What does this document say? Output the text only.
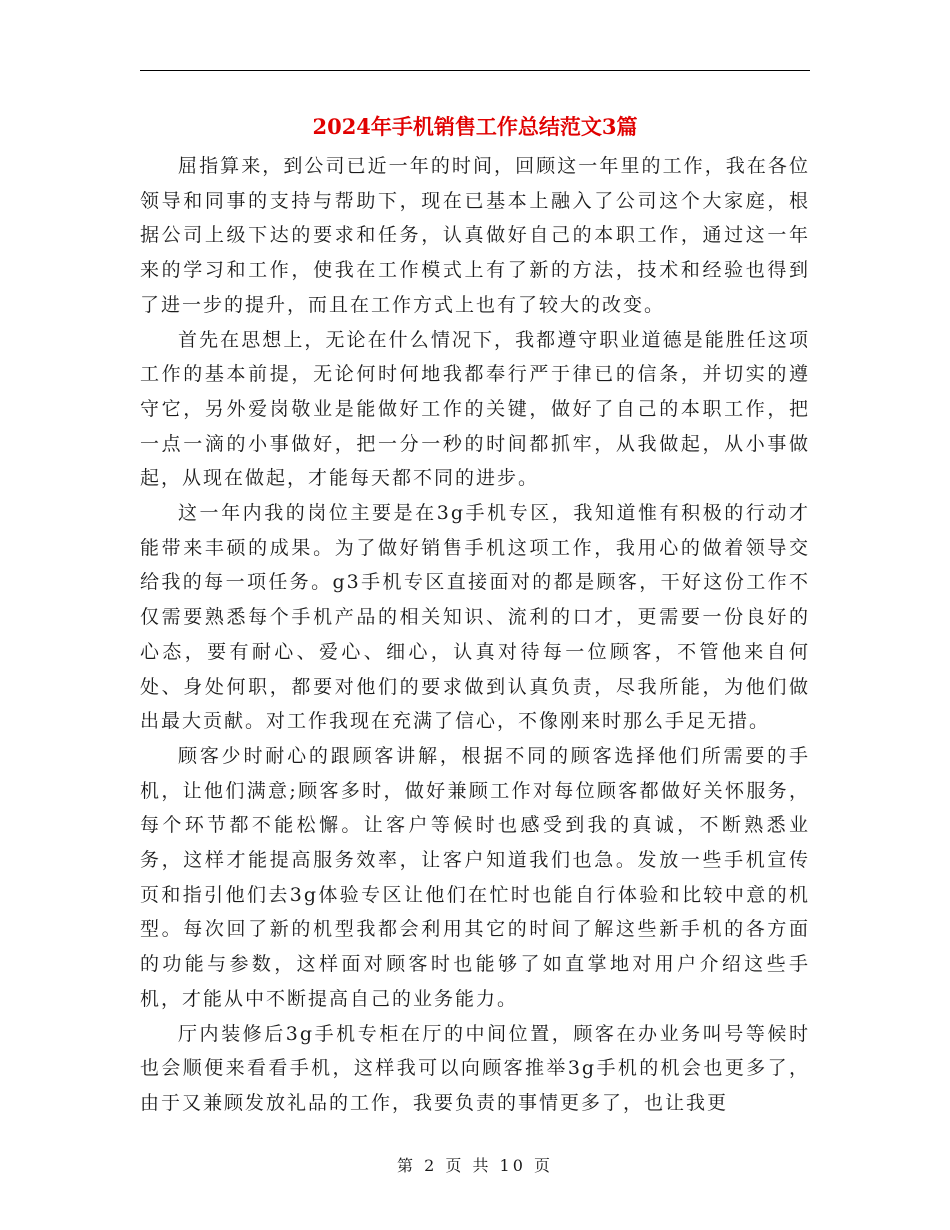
2024年手机销售工作总结范文3篇

屈指算来，到公司已近一年的时间，回顾这一年里的工作，我在各位领导和同事的支持与帮助下，现在已基本上融入了公司这个大家庭，根据公司上级下达的要求和任务，认真做好自己的本职工作，通过这一年来的学习和工作，使我在工作模式上有了新的方法，技术和经验也得到了进一步的提升，而且在工作方式上也有了较大的改变。

首先在思想上，无论在什么情况下，我都遵守职业道德是能胜任这项工作的基本前提，无论何时何地我都奉行严于律已的信条，并切实的遵守它，另外爱岗敬业是能做好工作的关键，做好了自己的本职工作，把一点一滴的小事做好，把一分一秒的时间都抓牢，从我做起，从小事做起，从现在做起，才能每天都不同的进步。

这一年内我的岗位主要是在3g手机专区，我知道惟有积极的行动才能带来丰硕的成果。为了做好销售手机这项工作，我用心的做着领导交给我的每一项任务。g3手机专区直接面对的都是顾客，干好这份工作不仅需要熟悉每个手机产品的相关知识、流利的口才，更需要一份良好的心态，要有耐心、爱心、细心，认真对待每一位顾客，不管他来自何处、身处何职，都要对他们的要求做到认真负责，尽我所能，为他们做出最大贡献。对工作我现在充满了信心，不像刚来时那么手足无措。

顾客少时耐心的跟顾客讲解，根据不同的顾客选择他们所需要的手机，让他们满意;顾客多时，做好兼顾工作对每位顾客都做好关怀服务，每个环节都不能松懈。让客户等候时也感受到我的真诚，不断熟悉业务，这样才能提高服务效率，让客户知道我们也急。发放一些手机宣传页和指引他们去3g体验专区让他们在忙时也能自行体验和比较中意的机型。每次回了新的机型我都会利用其它的时间了解这些新手机的各方面的功能与参数，这样面对顾客时也能够了如直掌地对用户介绍这些手机，才能从中不断提高自己的业务能力。

厅内装修后3g手机专柜在厅的中间位置，顾客在办业务叫号等候时也会顺便来看看手机，这样我可以向顾客推举3g手机的机会也更多了，由于又兼顾发放礼品的工作，我要负责的事情更多了，也让我更

第 2 页 共 10 页
